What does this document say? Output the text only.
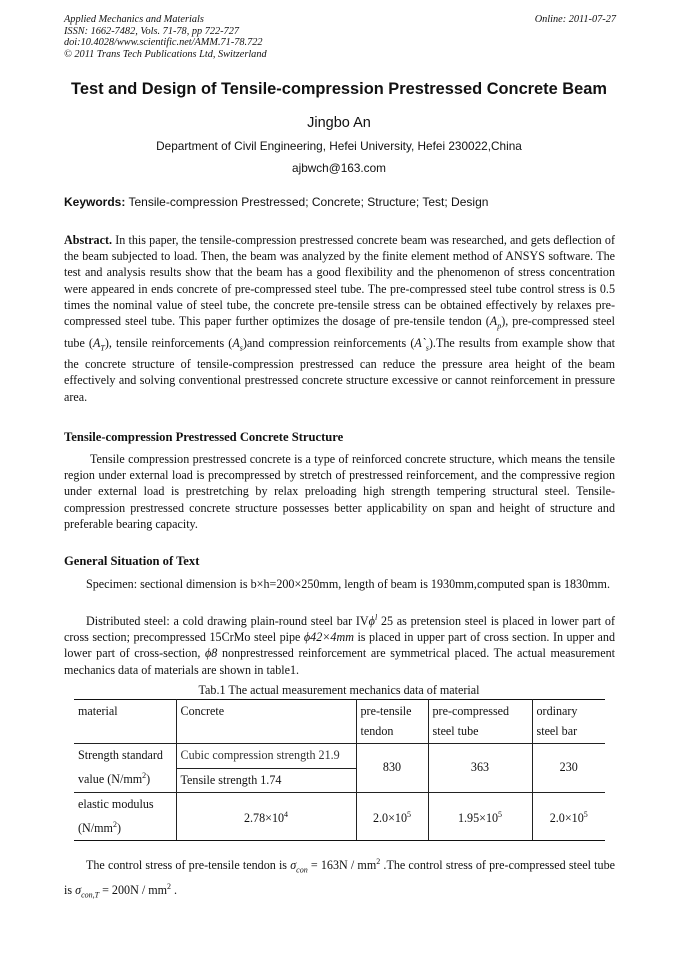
Applied Mechanics and Materials
ISSN: 1662-7482, Vols. 71-78, pp 722-727
doi:10.4028/www.scientific.net/AMM.71-78.722
© 2011 Trans Tech Publications Ltd, Switzerland
Online: 2011-07-27
Test and Design of Tensile-compression Prestressed Concrete Beam
Jingbo An
Department of Civil Engineering, Hefei University, Hefei 230022,China
ajbwch@163.com
Keywords: Tensile-compression Prestressed; Concrete; Structure; Test; Design
Abstract. In this paper, the tensile-compression prestressed concrete beam was researched, and gets deflection of the beam subjected to load. Then, the beam was analyzed by the finite element method of ANSYS software. The test and analysis results show that the beam has a good flexibility and the phenomenon of stress concentration were appeared in ends concrete of pre-compressed steel tube. The pre-compressed steel tube control stress is 0.5 times the nominal value of steel tube, the concrete pre-tensile stress can be obtained effectively by relaxes pre-compressed steel tube. This paper further optimizes the dosage of pre-tensile tendon $(A_p)$, pre-compressed steel tube $(A_T)$, tensile reinforcements $(A_s)and$ compression reinforcements $(A`_s).The$ results from example show that the concrete structure of tensile-compression prestressed can reduce the pressure area height of the beam effectively and solving conventional prestressed concrete structure excessive or cannot reinforcement in pressure area.
Tensile-compression Prestressed Concrete Structure
Tensile compression prestressed concrete is a type of reinforced concrete structure, which means the tensile region under external load is precompressed by stretch of prestressed reinforcement, and the compressive region under external load is prestretching by relax preloading high strength tempering structural steel. Tensile-compression prestressed concrete structure possesses better applicability on span and height of structure and preferable bearing capacity.
General Situation of Text
Specimen: sectional dimension is b×h=200×250mm, length of beam is 1930mm,computed span is 1830mm.
Distributed steel: a cold drawing plain-round steel bar IVϕ$^l$ 25 as pretension steel is placed in lower part of cross section; precompressed 15CrMo steel pipe ϕ42×4mm is placed in upper part of cross section. In upper and lower part of cross-section, ϕ8 nonprestressed reinforcement are symmetrical placed. The actual measurement mechanics data of materials are shown in table1.
Tab.1 The actual measurement mechanics data of material
material	Concrete	pre-tensile tendon	pre-compressed steel tube	ordinary steel bar
Strength standard value $(N/mm^2)$	Cubic compression strength 21.9	830	363	230
	Tensile strength 1.74			
elastic modulus $(N/mm^2)$	$2.78\times 10^4$	$2.0\times 10^5$	$1.95\times 10^5$	$2.0\times 10^5$
The control stress of pre-tensile tendon is $\sigma_{con} = 163N / mm^2$ .The control stress of pre-compressed steel tube is $\sigma_{con,T} = 200N / mm^2$ .
